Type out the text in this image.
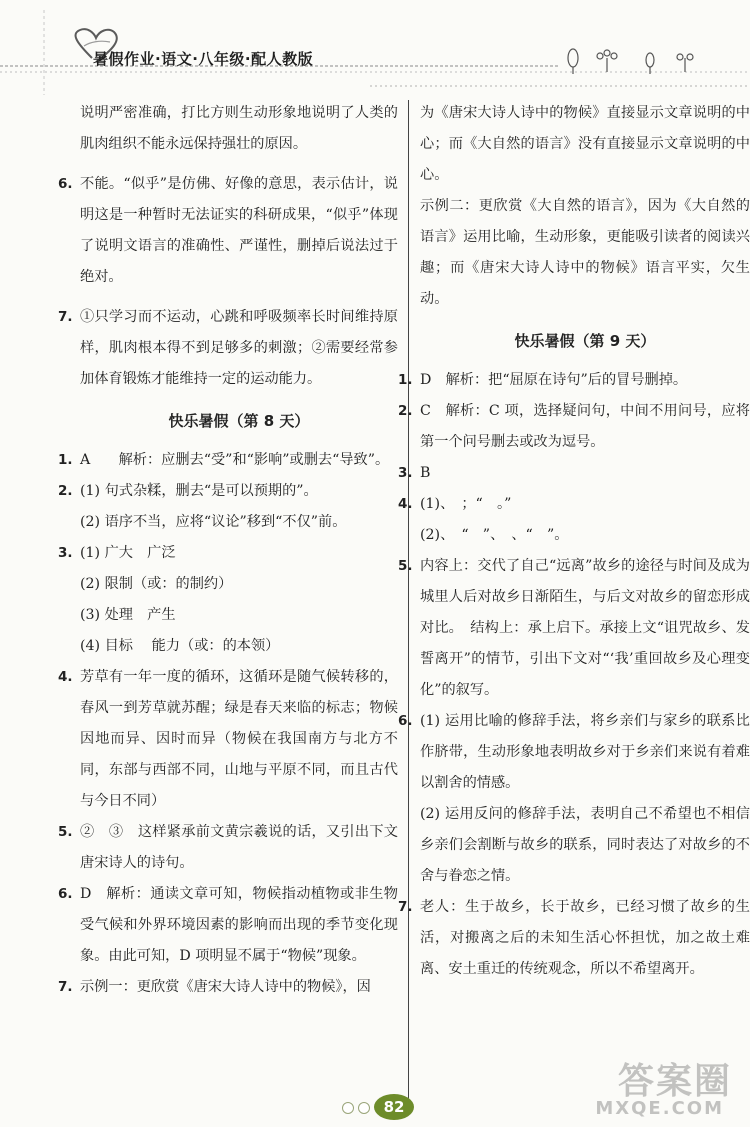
暑假作业·语文·八年级·配人教版

说明严密准确，打比方则生动形象地说明了人类的肌肉组织不能永远保持强壮的原因。

6. 不能。“似乎”是仿佛、好像的意思，表示估计，说明这是一种暂时无法证实的科研成果，“似乎”体现了说明文语言的准确性、严谨性，删掉后说法过于绝对。

7. ①只学习而不运动，心跳和呼吸频率长时间维持原样，肌肉根本得不到足够多的刺激；②需要经常参加体育锻炼才能维持一定的运动能力。

快乐暑假（第 8 天）
1. A　　解析：应删去“受”和“影响”或删去“导致”。

2. (1) 句式杂糅，删去“是可以预期的”。

(2) 语序不当，应将“议论”移到“不仅”前。

3. (1) 广大　广泛

(2) 限制（或：的制约）

(3) 处理　产生

(4) 目标　 能力（或：的本领）

4. 芳草有一年一度的循环，这循环是随气候转移的，春风一到芳草就苏醒；绿是春天来临的标志；物候因地而异、因时而异（物候在我国南方与北方不同，东部与西部不同，山地与平原不同，而且古代与今日不同）

5. ②　③　这样紧承前文黄宗羲说的话，又引出下文唐宋诗人的诗句。

6. D　解析：通读文章可知，物候指动植物或非生物受气候和外界环境因素的影响而出现的季节变化现象。由此可知，D 项明显不属于“物候”现象。

7. 示例一：更欣赏《唐宋大诗人诗中的物候》，因

为《唐宋大诗人诗中的物候》直接显示文章说明的中心；而《大自然的语言》没有直接显示文章说明的中心。

示例二：更欣赏《大自然的语言》，因为《大自然的语言》运用比喻，生动形象，更能吸引读者的阅读兴趣；而《唐宋大诗人诗中的物候》语言平实，欠生动。

快乐暑假（第 9 天）
1. D　解析：把“屈原在诗句”后的冒号删掉。

2. C　解析：C 项，选择疑问句，中间不用问号，应将第一个问号删去或改为逗号。

3. B

4. (1)、　；“　。”

(2)、　“　”、　、“　”。

5. 内容上：交代了自己“远离”故乡的途径与时间及成为城里人后对故乡日渐陌生，与后文对故乡的留恋形成对比。　结构上：承上启下。承接上文“诅咒故乡、发誓离开”的情节，引出下文对“‘我’重回故乡及心理变化”的叙写。

6. (1) 运用比喻的修辞手法，将乡亲们与家乡的联系比作脐带，生动形象地表明故乡对于乡亲们来说有着难以割舍的情感。

(2) 运用反问的修辞手法，表明自己不希望也不相信乡亲们会割断与故乡的联系，同时表达了对故乡的不舍与眷恋之情。

7. 老人：生于故乡，长于故乡，已经习惯了故乡的生活，对搬离之后的未知生活心怀担忧，加之故土难离、安土重迁的传统观念，所以不希望离开。

82
答案圈
MXQE.COM
